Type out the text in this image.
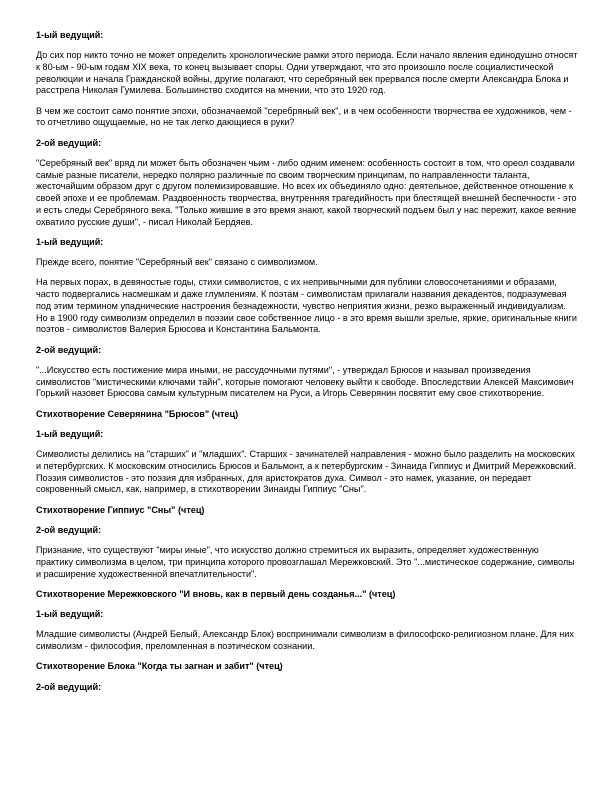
1-ый ведущий:
До сих пор никто точно не может определить хронологические рамки этого периода. Если начало явления единодушно относят к 80-ым - 90-ым годам XIX века, то конец вызывает споры. Одни утверждают, что это произошло после социалистической революции и начала Гражданской войны, другие полагают, что серебряный век прервался после смерти Александра Блока и расстрела Николая Гумилева. Большинство сходится на мнении, что это 1920 год.
В чем же состоит само понятие эпохи, обозначаемой "серебряный век", и в чем особенности творчества ее художников, чем - то отчетливо ощущаемые, но не так легко дающиеся в руки?
2-ой ведущий:
"Серебряный век" вряд ли может быть обозначен чьим - либо одним именем: особенность состоит в том, что ореол создавали самые разные писатели, нередко полярно различные по своим творческим принципам, по направленности таланта, жесточайшим образом друг с другом полемизировавшие. Но всех их объединяло одно: деятельное, действенное отношение к своей эпохе и ее проблемам. Раздвоенность творчества, внутренняя трагедийность при блестящей внешней беспечности - это и есть следы Серебряного века. "Только жившие в это время знают, какой творческий подъем был у нас пережит, какое веяние охватило русские души", - писал Николай Бердяев.
1-ый ведущий:
Прежде всего, понятие "Серебряный век" связано с символизмом.
На первых порах, в девяностые годы, стихи символистов, с их непривычными для публики словосочетаниями и образами, часто подвергались насмешкам и даже глумлениям. К поэтам - символистам прилагали названия декадентов, подразумевая под этим термином упаднические настроения безнадежности, чувство неприятия жизни, резко выраженный индивидуализм. Но в 1900 году символизм определил в поэзии свое собственное лицо - в это время вышли зрелые, яркие, оригинальные книги поэтов - символистов Валерия Брюсова и Константина Бальмонта.
2-ой ведущий:
"...Искусство есть постижение мира иными, не рассудочными путями", - утверждал Брюсов и называл произведения символистов "мистическими ключами тайн", которые помогают человеку выйти к свободе. Впоследствии Алексей Максимович Горький назовет Брюсова самым культурным писателем на Руси, а Игорь Северянин посвятит ему свое стихотворение.
Стихотворение Северянина "Брюсов" (чтец)
1-ый ведущий:
Символисты делились на "старших" и "младших". Старших - зачинателей направления - можно было разделить на московских и петербургских. К московским относились Брюсов и Бальмонт, а к петербургским - Зинаида Гиппиус и Дмитрий Мережковский. Поэзия символистов - это поэзия для избранных, для аристократов духа. Символ - это намек, указание, он передает сокровенный смысл, как, например, в стихотворении Зинаиды Гиппиус "Сны".
Стихотворение Гиппиус "Сны" (чтец)
2-ой ведущий:
Признание, что существуют "миры иные", что искусство должно стремиться их выразить, определяет художественную практику символизма в целом, три принципа которого провозглашал Мережковский. Это "...мистическое содержание, символы и расширение художественной впечатлительности".
Стихотворение Мережковского "И вновь, как в первый день созданья..." (чтец)
1-ый ведущий:
Младшие символисты (Андрей Белый, Александр Блок) воспринимали символизм в философско-религиозном плане. Для них символизм - философия, преломленная в поэтическом сознании.
Стихотворение Блока "Когда ты загнан и забит" (чтец)
2-ой ведущий:
